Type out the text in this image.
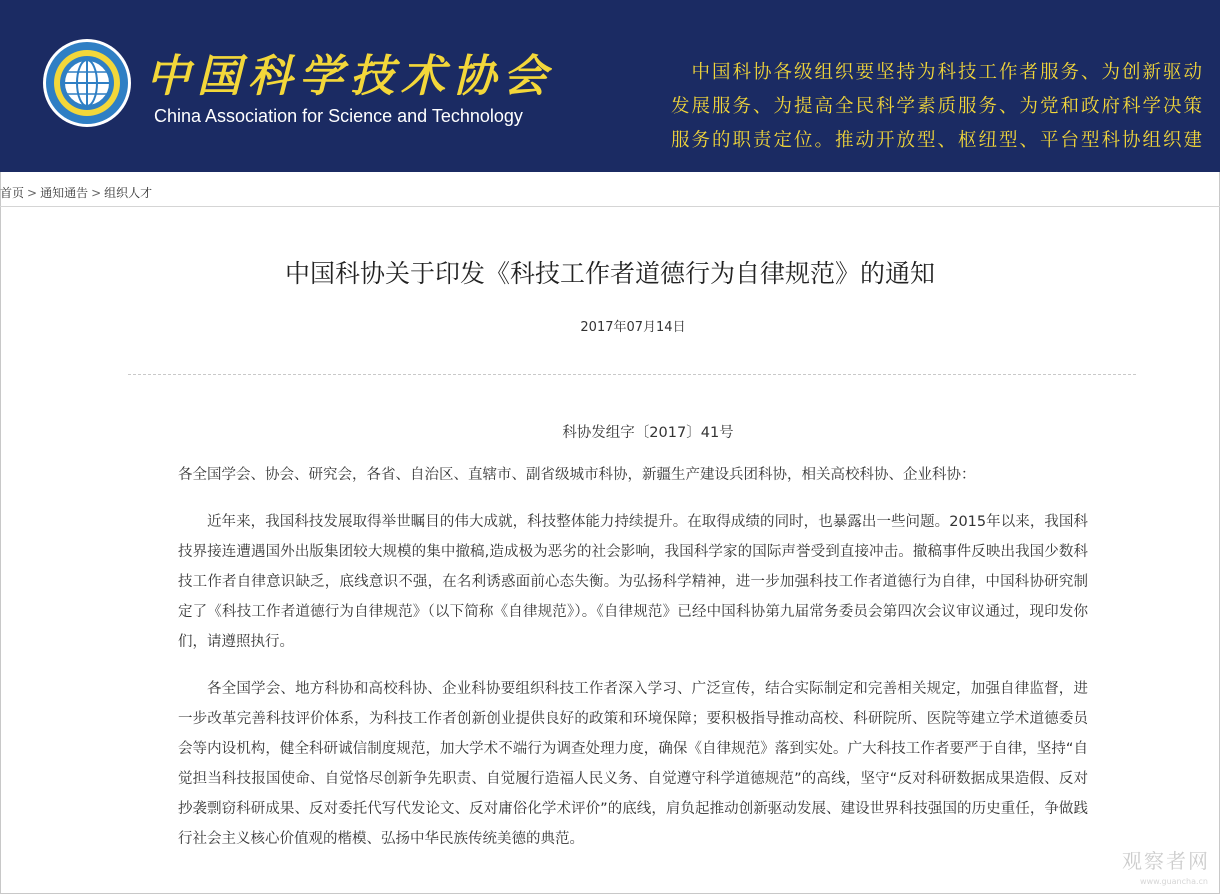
中国科学技术协会
China Association for Science and Technology
中国科协各级组织要坚持为科技工作者服务、为创新驱动
发展服务、为提高全民科学素质服务、为党和政府科学决策
服务的职责定位。推动开放型、枢纽型、平台型科协组织建
首页 > 通知通告 > 组织人才
中国科协关于印发《科技工作者道德行为自律规范》的通知
2017年07月14日
科协发组字〔2017〕41号
各全国学会、协会、研究会，各省、自治区、直辖市、副省级城市科协，新疆生产建设兵团科协，相关高校科协、企业科协：
近年来，我国科技发展取得举世瞩目的伟大成就，科技整体能力持续提升。在取得成绩的同时，也暴露出一些问题。2015年以来，我国科技界接连遭遇国外出版集团较大规模的集中撤稿,造成极为恶劣的社会影响，我国科学家的国际声誉受到直接冲击。撤稿事件反映出我国少数科技工作者自律意识缺乏，底线意识不强，在名利诱惑面前心态失衡。为弘扬科学精神，进一步加强科技工作者道德行为自律，中国科协研究制定了《科技工作者道德行为自律规范》（以下简称《自律规范》）。《自律规范》已经中国科协第九届常务委员会第四次会议审议通过，现印发你们，请遵照执行。
各全国学会、地方科协和高校科协、企业科协要组织科技工作者深入学习、广泛宣传，结合实际制定和完善相关规定，加强自律监督，进一步改革完善科技评价体系，为科技工作者创新创业提供良好的政策和环境保障；要积极指导推动高校、科研院所、医院等建立学术道德委员会等内设机构，健全科研诚信制度规范，加大学术不端行为调查处理力度，确保《自律规范》落到实处。广大科技工作者要严于自律，坚持“自觉担当科技报国使命、自觉恪尽创新争先职责、自觉履行造福人民义务、自觉遵守科学道德规范”的高线，坚守“反对科研数据成果造假、反对抄袭剽窃科研成果、反对委托代写代发论文、反对庸俗化学术评价”的底线，肩负起推动创新驱动发展、建设世界科技强国的历史重任，争做践行社会主义核心价值观的楷模、弘扬中华民族传统美德的典范。
观察者网
www.guancha.cn
